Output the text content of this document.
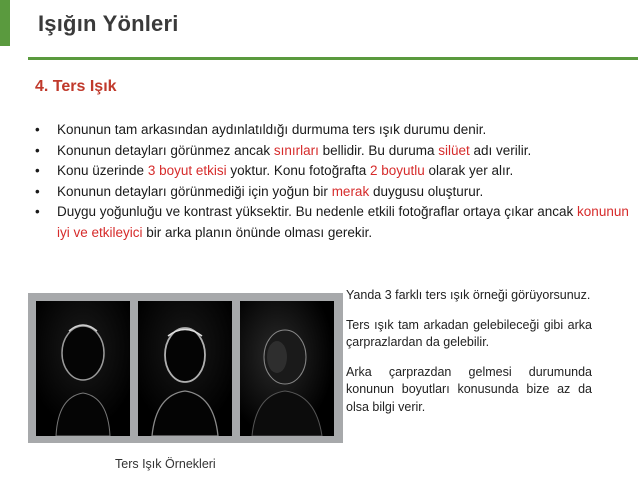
Işığın Yönleri
4. Ters Işık
• Konunun tam arkasından aydınlatıldığı durmuma ters ışık durumu denir.
• Konunun detayları görünmez ancak sınırları bellidir. Bu duruma silüet adı verilir.
• Konu üzerinde 3 boyut etkisi yoktur. Konu fotoğrafta 2 boyutlu olarak yer alır.
• Konunun detayları görünmediği için yoğun bir merak duygusu oluşturur.
• Duygu yoğunluğu ve kontrast yüksektir. Bu nedenle etkili fotoğraflar ortaya çıkar ancak konunun iyi ve etkileyici bir arka planın önünde olması gerekir.
Ters Işık Örnekleri

Yanda 3 farklı ters ışık örneği görüyorsunuz.

Ters ışık tam arkadan gelebileceği gibi arka çarprazlardan da gelebilir.

Arka çarprazdan gelmesi durumunda konunun boyutları konusunda bize az da olsa bilgi verir.
